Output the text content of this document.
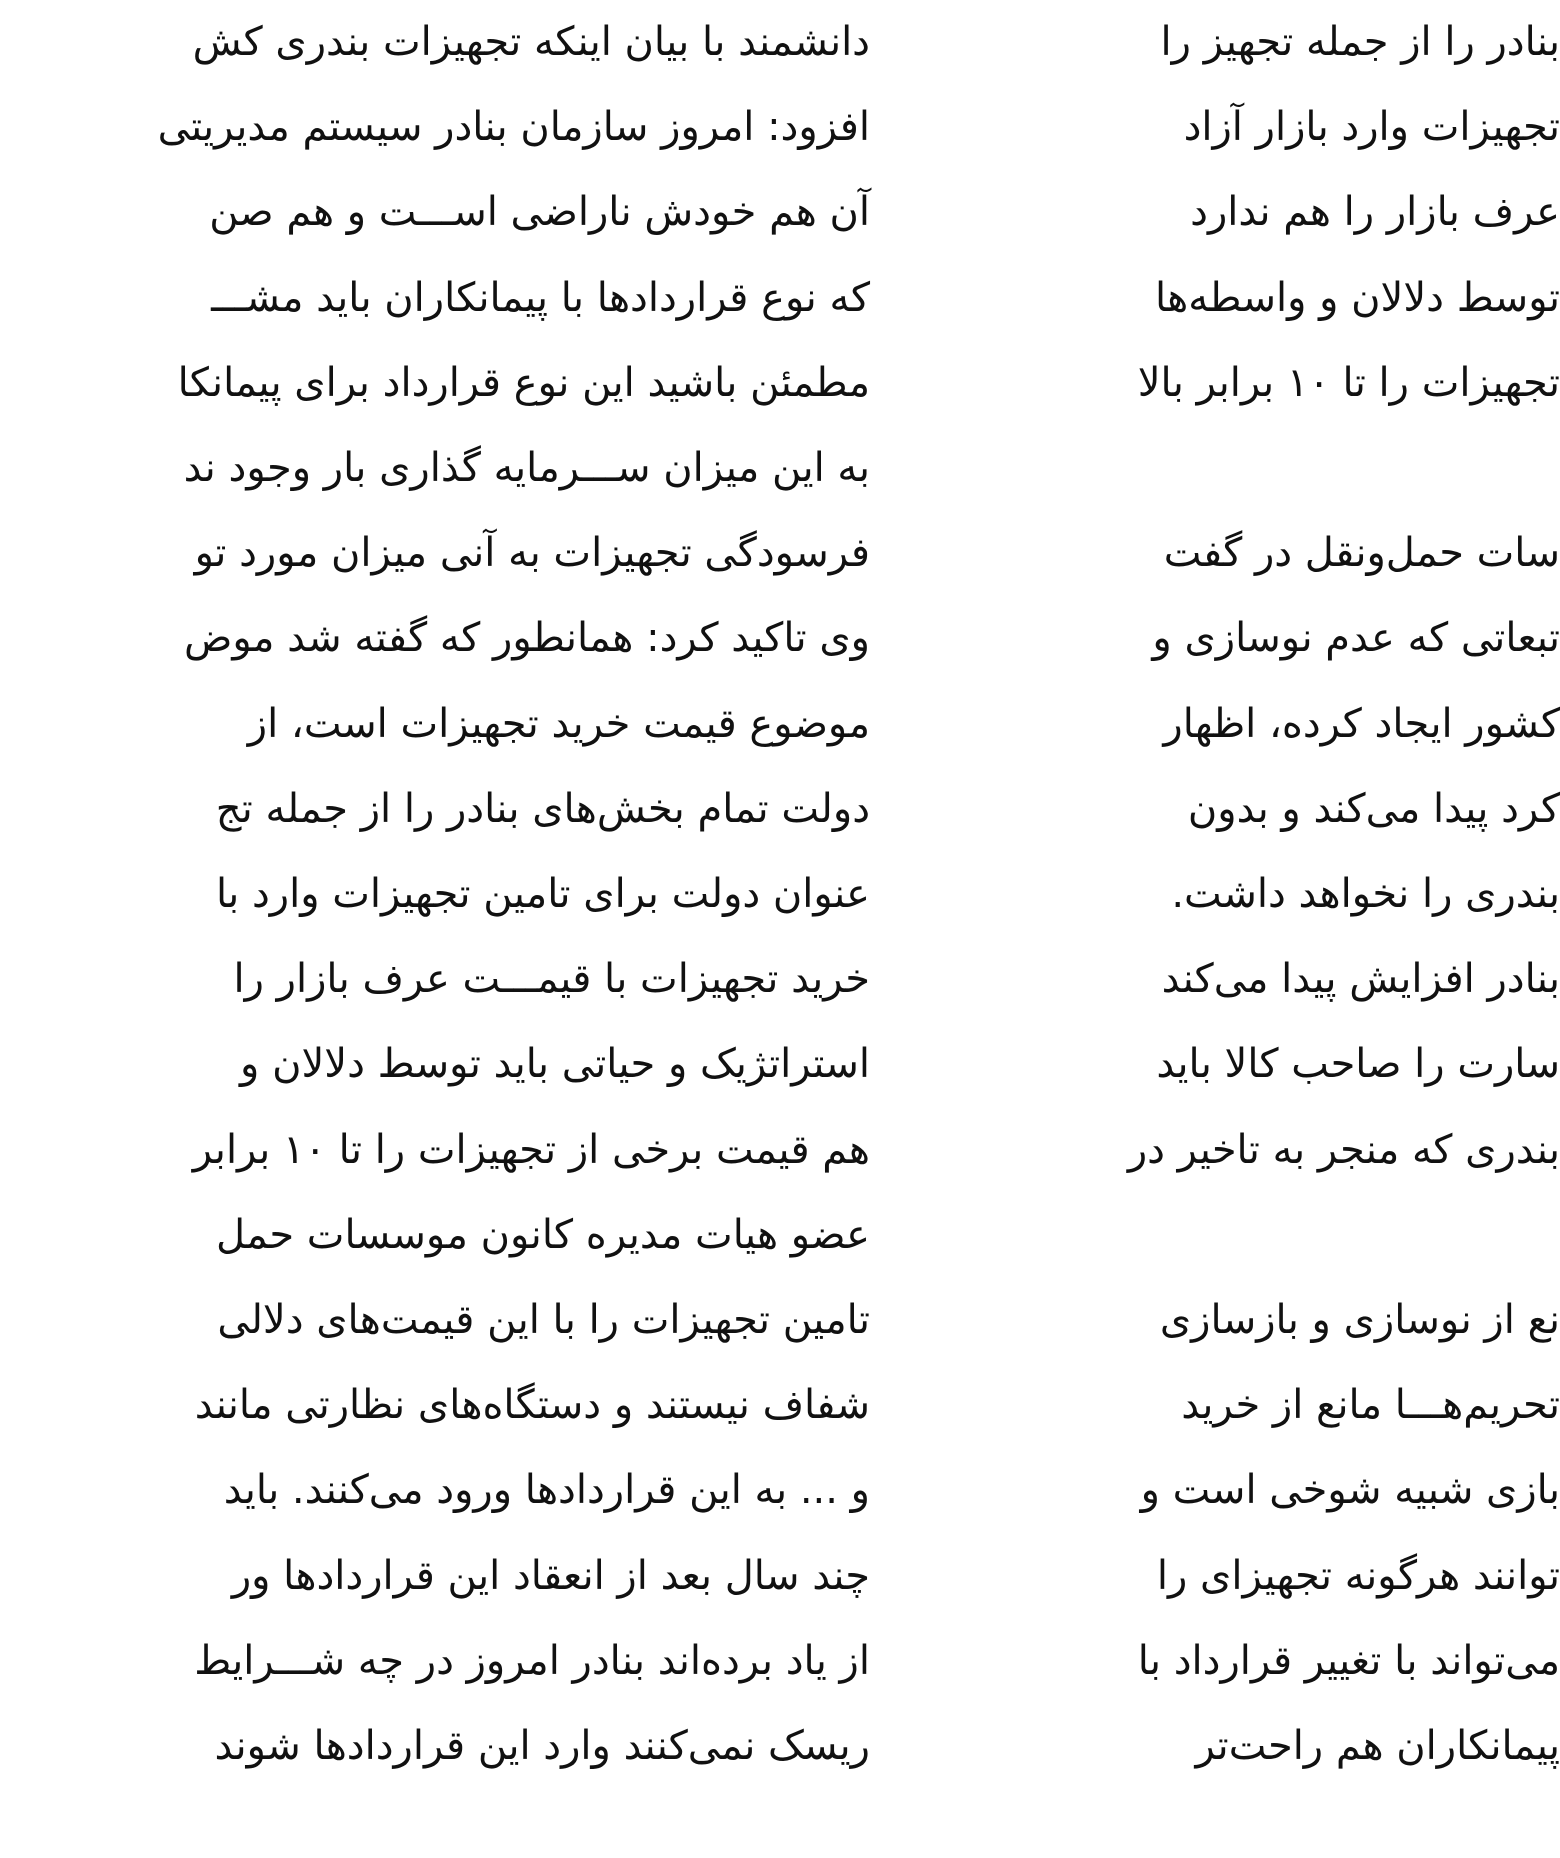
دانشمند با بیان اینکه تجهیزات بندری کش
افزود: امروز سازمان بنادر سیستم مدیریتی
آن هم خودش ناراضی اســـت و هم صن
که نوع قراردادها با پیمانکاران باید مشـــ
مطمئن باشید این نوع قرارداد برای پیمانکا
به این میزان ســـرمایه گذاری بار وجود ند
فرسودگی تجهیزات به آنی میزان مورد تو
وی تاکید کرد: همانطور که گفته شد موض
موضوع قیمت خرید تجهیزات است، از
دولت تمام بخش‌های بنادر را از جمله تج
عنوان دولت برای تامین تجهیزات وارد با
خرید تجهیزات با قیمـــت عرف بازار را
استراتژیک و حیاتی باید توسط دلالان و
هم قیمت برخی از تجهیزات را تا ۱۰ برابر
عضو هیات مدیره کانون موسسات حمل
تامین تجهیزات را با این قیمت‌های دلالی
شفاف نیستند و دستگاه‌های نظارتی مانند
و ... به این قراردادها ورود می‌کنند. باید
چند سال بعد از انعقاد این قراردادها ور
از یاد برده‌اند بنادر امروز در چه شـــرایط
ریسک نمی‌کنند وارد این قراردادها شوند
بنادر را از جمله تجهیز را
تجهیزات وارد بازار آزاد
عرف بازار را هم ندارد
توسط دلالان و واسطه‌ها
تجهیزات را تا ۱۰ برابر بالا
سات حمل‌ونقل در گفت
تبعاتی که عدم نوسازی و
کشور ایجاد کرده، اظهار
کرد پیدا می‌کند و بدون
بندری را نخواهد داشت.
بنادر افزایش پیدا می‌کند
سارت را صاحب کالا باید
بندری که منجر به تاخیر در
نع از نوسازی و بازسازی
تحریم‌هـــا مانع از خرید
بازی شبیه شوخی است و
توانند هرگونه تجهیزای را
می‌تواند با تغییر قرارداد با
پیمانکاران هم راحت‌تر
